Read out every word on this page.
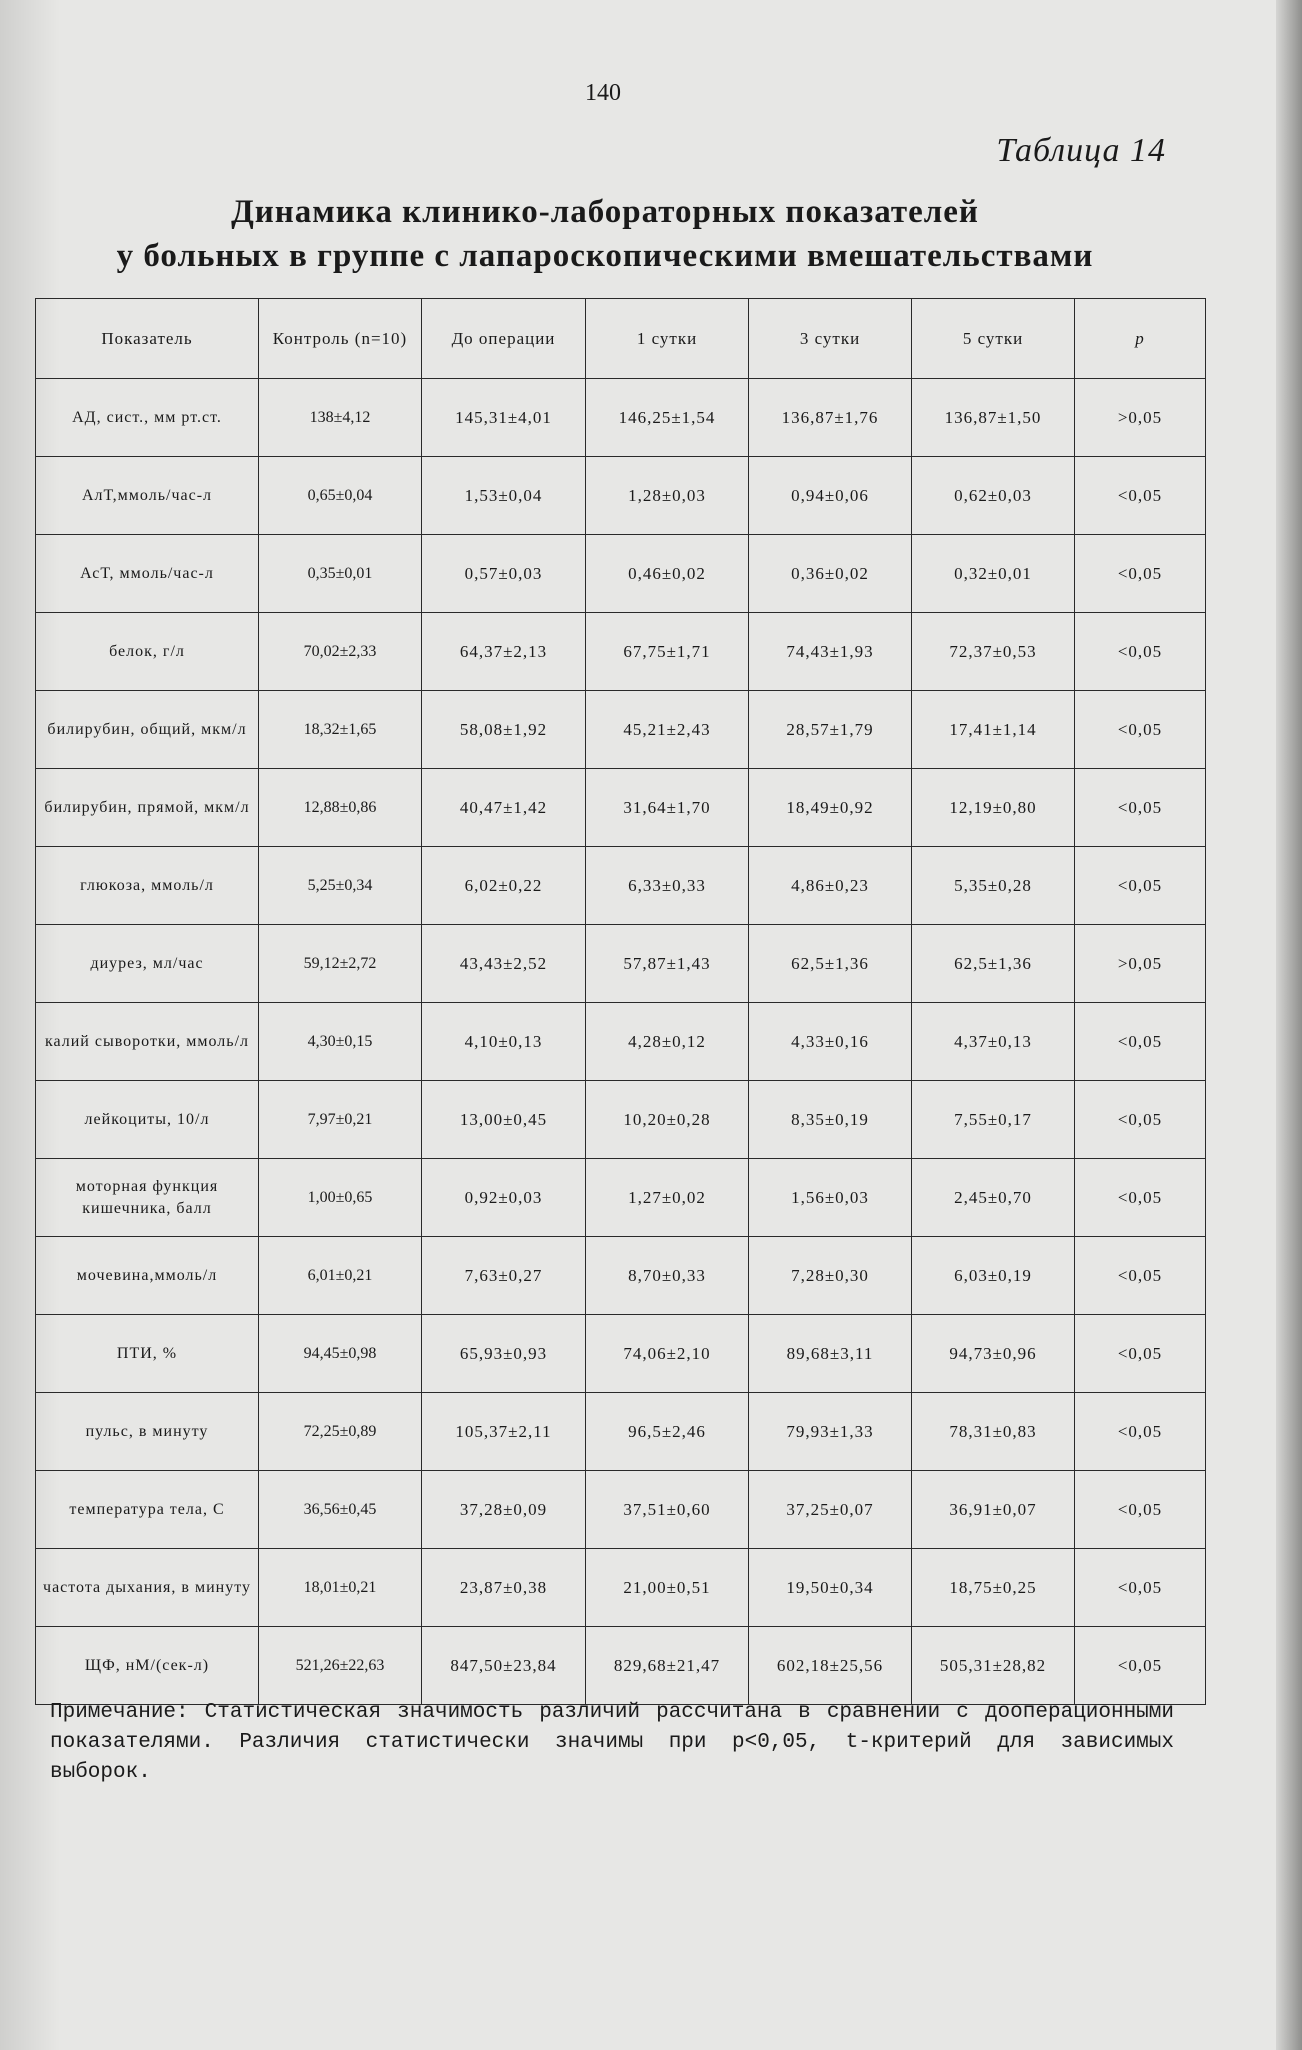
140
Таблица 14
Динамика клинико-лабораторных показателей
у больных в группе с лапароскопическими вмешательствами
Показатель	Контроль (n=10)	До операции	1 сутки	3 сутки	5 сутки	p
АД, сист., мм рт.ст.	138±4,12	145,31±4,01	146,25±1,54	136,87±1,76	136,87±1,50	>0,05
АлТ,ммоль/час-л	0,65±0,04	1,53±0,04	1,28±0,03	0,94±0,06	0,62±0,03	<0,05
АсТ, ммоль/час-л	0,35±0,01	0,57±0,03	0,46±0,02	0,36±0,02	0,32±0,01	<0,05
белок, г/л	70,02±2,33	64,37±2,13	67,75±1,71	74,43±1,93	72,37±0,53	<0,05
билирубин, общий, мкм/л	18,32±1,65	58,08±1,92	45,21±2,43	28,57±1,79	17,41±1,14	<0,05
билирубин, прямой, мкм/л	12,88±0,86	40,47±1,42	31,64±1,70	18,49±0,92	12,19±0,80	<0,05
глюкоза, ммоль/л	5,25±0,34	6,02±0,22	6,33±0,33	4,86±0,23	5,35±0,28	<0,05
диурез, мл/час	59,12±2,72	43,43±2,52	57,87±1,43	62,5±1,36	62,5±1,36	>0,05
калий сыворотки, ммоль/л	4,30±0,15	4,10±0,13	4,28±0,12	4,33±0,16	4,37±0,13	<0,05
лейкоциты, 10/л	7,97±0,21	13,00±0,45	10,20±0,28	8,35±0,19	7,55±0,17	<0,05
моторная функция кишечника, балл	1,00±0,65	0,92±0,03	1,27±0,02	1,56±0,03	2,45±0,70	<0,05
мочевина,ммоль/л	6,01±0,21	7,63±0,27	8,70±0,33	7,28±0,30	6,03±0,19	<0,05
ПТИ, %	94,45±0,98	65,93±0,93	74,06±2,10	89,68±3,11	94,73±0,96	<0,05
пульс, в минуту	72,25±0,89	105,37±2,11	96,5±2,46	79,93±1,33	78,31±0,83	<0,05
температура тела, С	36,56±0,45	37,28±0,09	37,51±0,60	37,25±0,07	36,91±0,07	<0,05
частота дыхания, в минуту	18,01±0,21	23,87±0,38	21,00±0,51	19,50±0,34	18,75±0,25	<0,05
ЩФ, нМ/(сек-л)	521,26±22,63	847,50±23,84	829,68±21,47	602,18±25,56	505,31±28,82	<0,05
Примечание: Статистическая значимость различий рассчитана в сравнении с дооперационными показателями. Различия статистически значимы при p<0,05, t-критерий для зависимых выборок.
